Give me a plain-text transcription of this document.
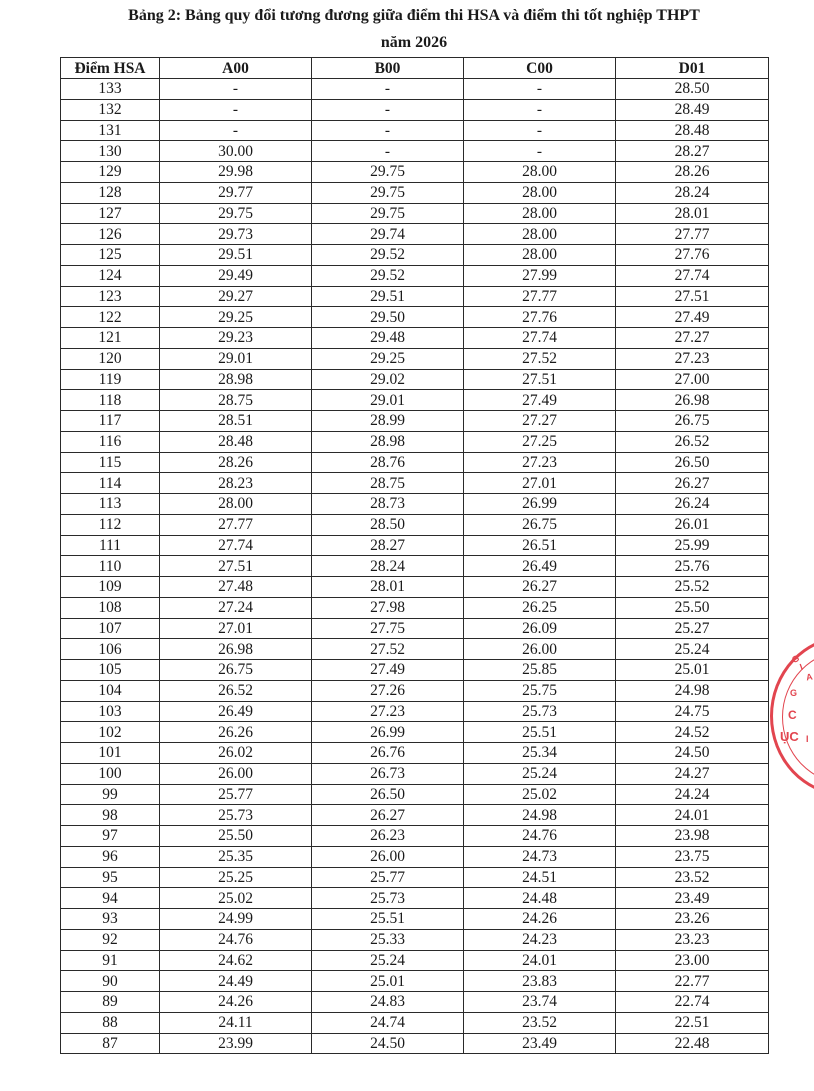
Bảng 2: Bảng quy đổi tương đương giữa điểm thi HSA và điểm thi tốt nghiệp THPT
năm 2026
Điểm HSA	A00	B00	C00	D01
133	-	-	-	28.50
132	-	-	-	28.49
131	-	-	-	28.48
130	30.00	-	-	28.27
129	29.98	29.75	28.00	28.26
128	29.77	29.75	28.00	28.24
127	29.75	29.75	28.00	28.01
126	29.73	29.74	28.00	27.77
125	29.51	29.52	28.00	27.76
124	29.49	29.52	27.99	27.74
123	29.27	29.51	27.77	27.51
122	29.25	29.50	27.76	27.49
121	29.23	29.48	27.74	27.27
120	29.01	29.25	27.52	27.23
119	28.98	29.02	27.51	27.00
118	28.75	29.01	27.49	26.98
117	28.51	28.99	27.27	26.75
116	28.48	28.98	27.25	26.52
115	28.26	28.76	27.23	26.50
114	28.23	28.75	27.01	26.27
113	28.00	28.73	26.99	26.24
112	27.77	28.50	26.75	26.01
111	27.74	28.27	26.51	25.99
110	27.51	28.24	26.49	25.76
109	27.48	28.01	26.27	25.52
108	27.24	27.98	26.25	25.50
107	27.01	27.75	26.09	25.27
106	26.98	27.52	26.00	25.24
105	26.75	27.49	25.85	25.01
104	26.52	27.26	25.75	24.98
103	26.49	27.23	25.73	24.75
102	26.26	26.99	25.51	24.52
101	26.02	26.76	25.34	24.50
100	26.00	26.73	25.24	24.27
99	25.77	26.50	25.02	24.24
98	25.73	26.27	24.98	24.01
97	25.50	26.23	24.76	23.98
96	25.35	26.00	24.73	23.75
95	25.25	25.77	24.51	23.52
94	25.02	25.73	24.48	23.49
93	24.99	25.51	24.26	23.26
92	24.76	25.33	24.23	23.23
91	24.62	25.24	24.01	23.00
90	24.49	25.01	23.83	22.77
89	24.26	24.83	23.74	22.74
88	24.11	24.74	23.52	22.51
87	23.99	24.50	23.49	22.48
G
I
A
G
C
ỤC I
